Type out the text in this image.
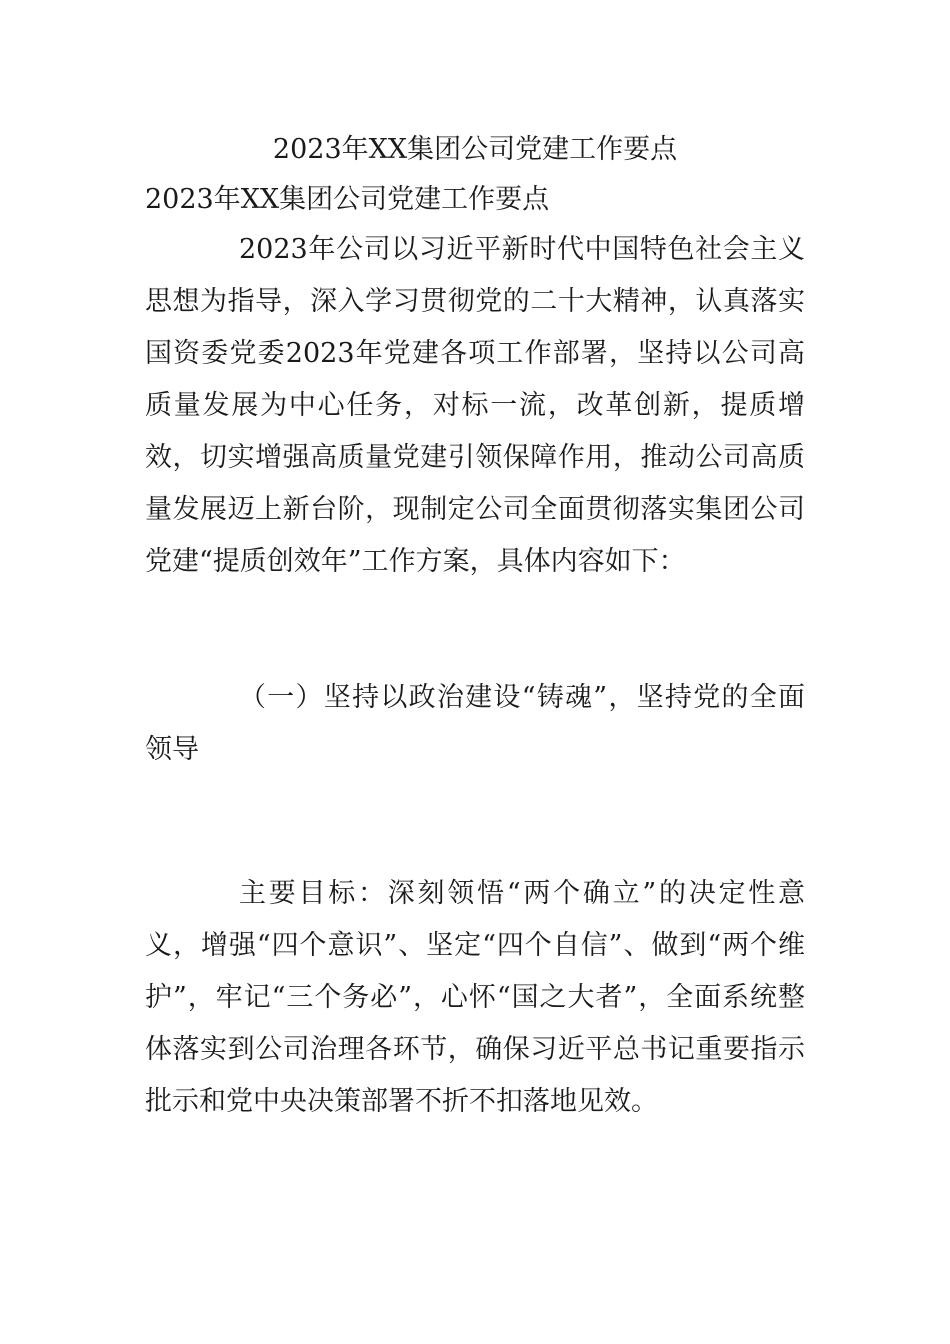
2023年XX集团公司党建工作要点
2023年XX集团公司党建工作要点

2023年公司以习近平新时代中国特色社会主义思想为指导，深入学习贯彻党的二十大精神，认真落实国资委党委2023年党建各项工作部署，坚持以公司高质量发展为中心任务，对标一流，改革创新，提质增效，切实增强高质量党建引领保障作用，推动公司高质量发展迈上新台阶，现制定公司全面贯彻落实集团公司党建“提质创效年”工作方案，具体内容如下：

（一）坚持以政治建设“铸魂”，坚持党的全面领导

主要目标：深刻领悟“两个确立”的决定性意义，增强“四个意识”、坚定“四个自信”、做到“两个维护”，牢记“三个务必”，心怀“国之大者”，全面系统整体落实到公司治理各环节，确保习近平总书记重要指示批示和党中央决策部署不折不扣落地见效。
